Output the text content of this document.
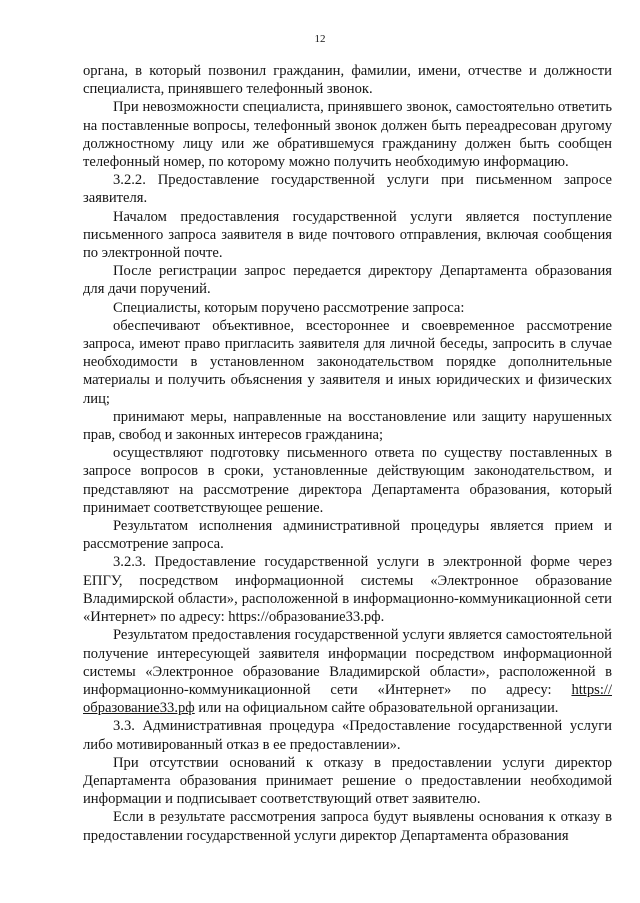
12

органа, в который позвонил гражданин, фамилии, имени, отчестве и должности специалиста, принявшего телефонный звонок.

При невозможности специалиста, принявшего звонок, самостоятельно ответить на поставленные вопросы, телефонный звонок должен быть переадресован другому должностному лицу или же обратившемуся гражданину должен быть сообщен телефонный номер, по которому можно получить необходимую информацию.

3.2.2. Предоставление государственной услуги при письменном запросе заявителя.

Началом предоставления государственной услуги является поступление письменного запроса заявителя в виде почтового отправления, включая сообщения по электронной почте.

После регистрации запрос передается директору Департамента образования для дачи поручений.

Специалисты, которым поручено рассмотрение запроса:

обеспечивают объективное, всестороннее и своевременное рассмотрение запроса, имеют право пригласить заявителя для личной беседы, запросить в случае необходимости в установленном законодательством порядке дополнительные материалы и получить объяснения у заявителя и иных юридических и физических лиц;

принимают меры, направленные на восстановление или защиту нарушенных прав, свобод и законных интересов гражданина;

осуществляют подготовку письменного ответа по существу поставленных в запросе вопросов в сроки, установленные действующим законодательством, и представляют на рассмотрение директора Департамента образования, который принимает соответствующее решение.

Результатом исполнения административной процедуры является прием и рассмотрение запроса.

3.2.3. Предоставление государственной услуги в электронной форме через ЕПГУ, посредством информационной системы «Электронное образование Владимирской области», расположенной в информационно-коммуникационной сети «Интернет» по адресу: https://образование33.рф.

Результатом предоставления государственной услуги является самостоятельной получение интересующей заявителя информации посредством информационной системы «Электронное образование Владимирской области», расположенной в информационно-коммуникационной сети «Интернет» по адресу: https://образование33.рф или на официальном сайте образовательной организации.

3.3. Административная процедура «Предоставление государственной услуги либо мотивированный отказ в ее предоставлении».

При отсутствии оснований к отказу в предоставлении услуги директор Департамента образования принимает решение о предоставлении необходимой информации и подписывает соответствующий ответ заявителю.

Если в результате рассмотрения запроса будут выявлены основания к отказу в предоставлении государственной услуги директор Департамента образования
